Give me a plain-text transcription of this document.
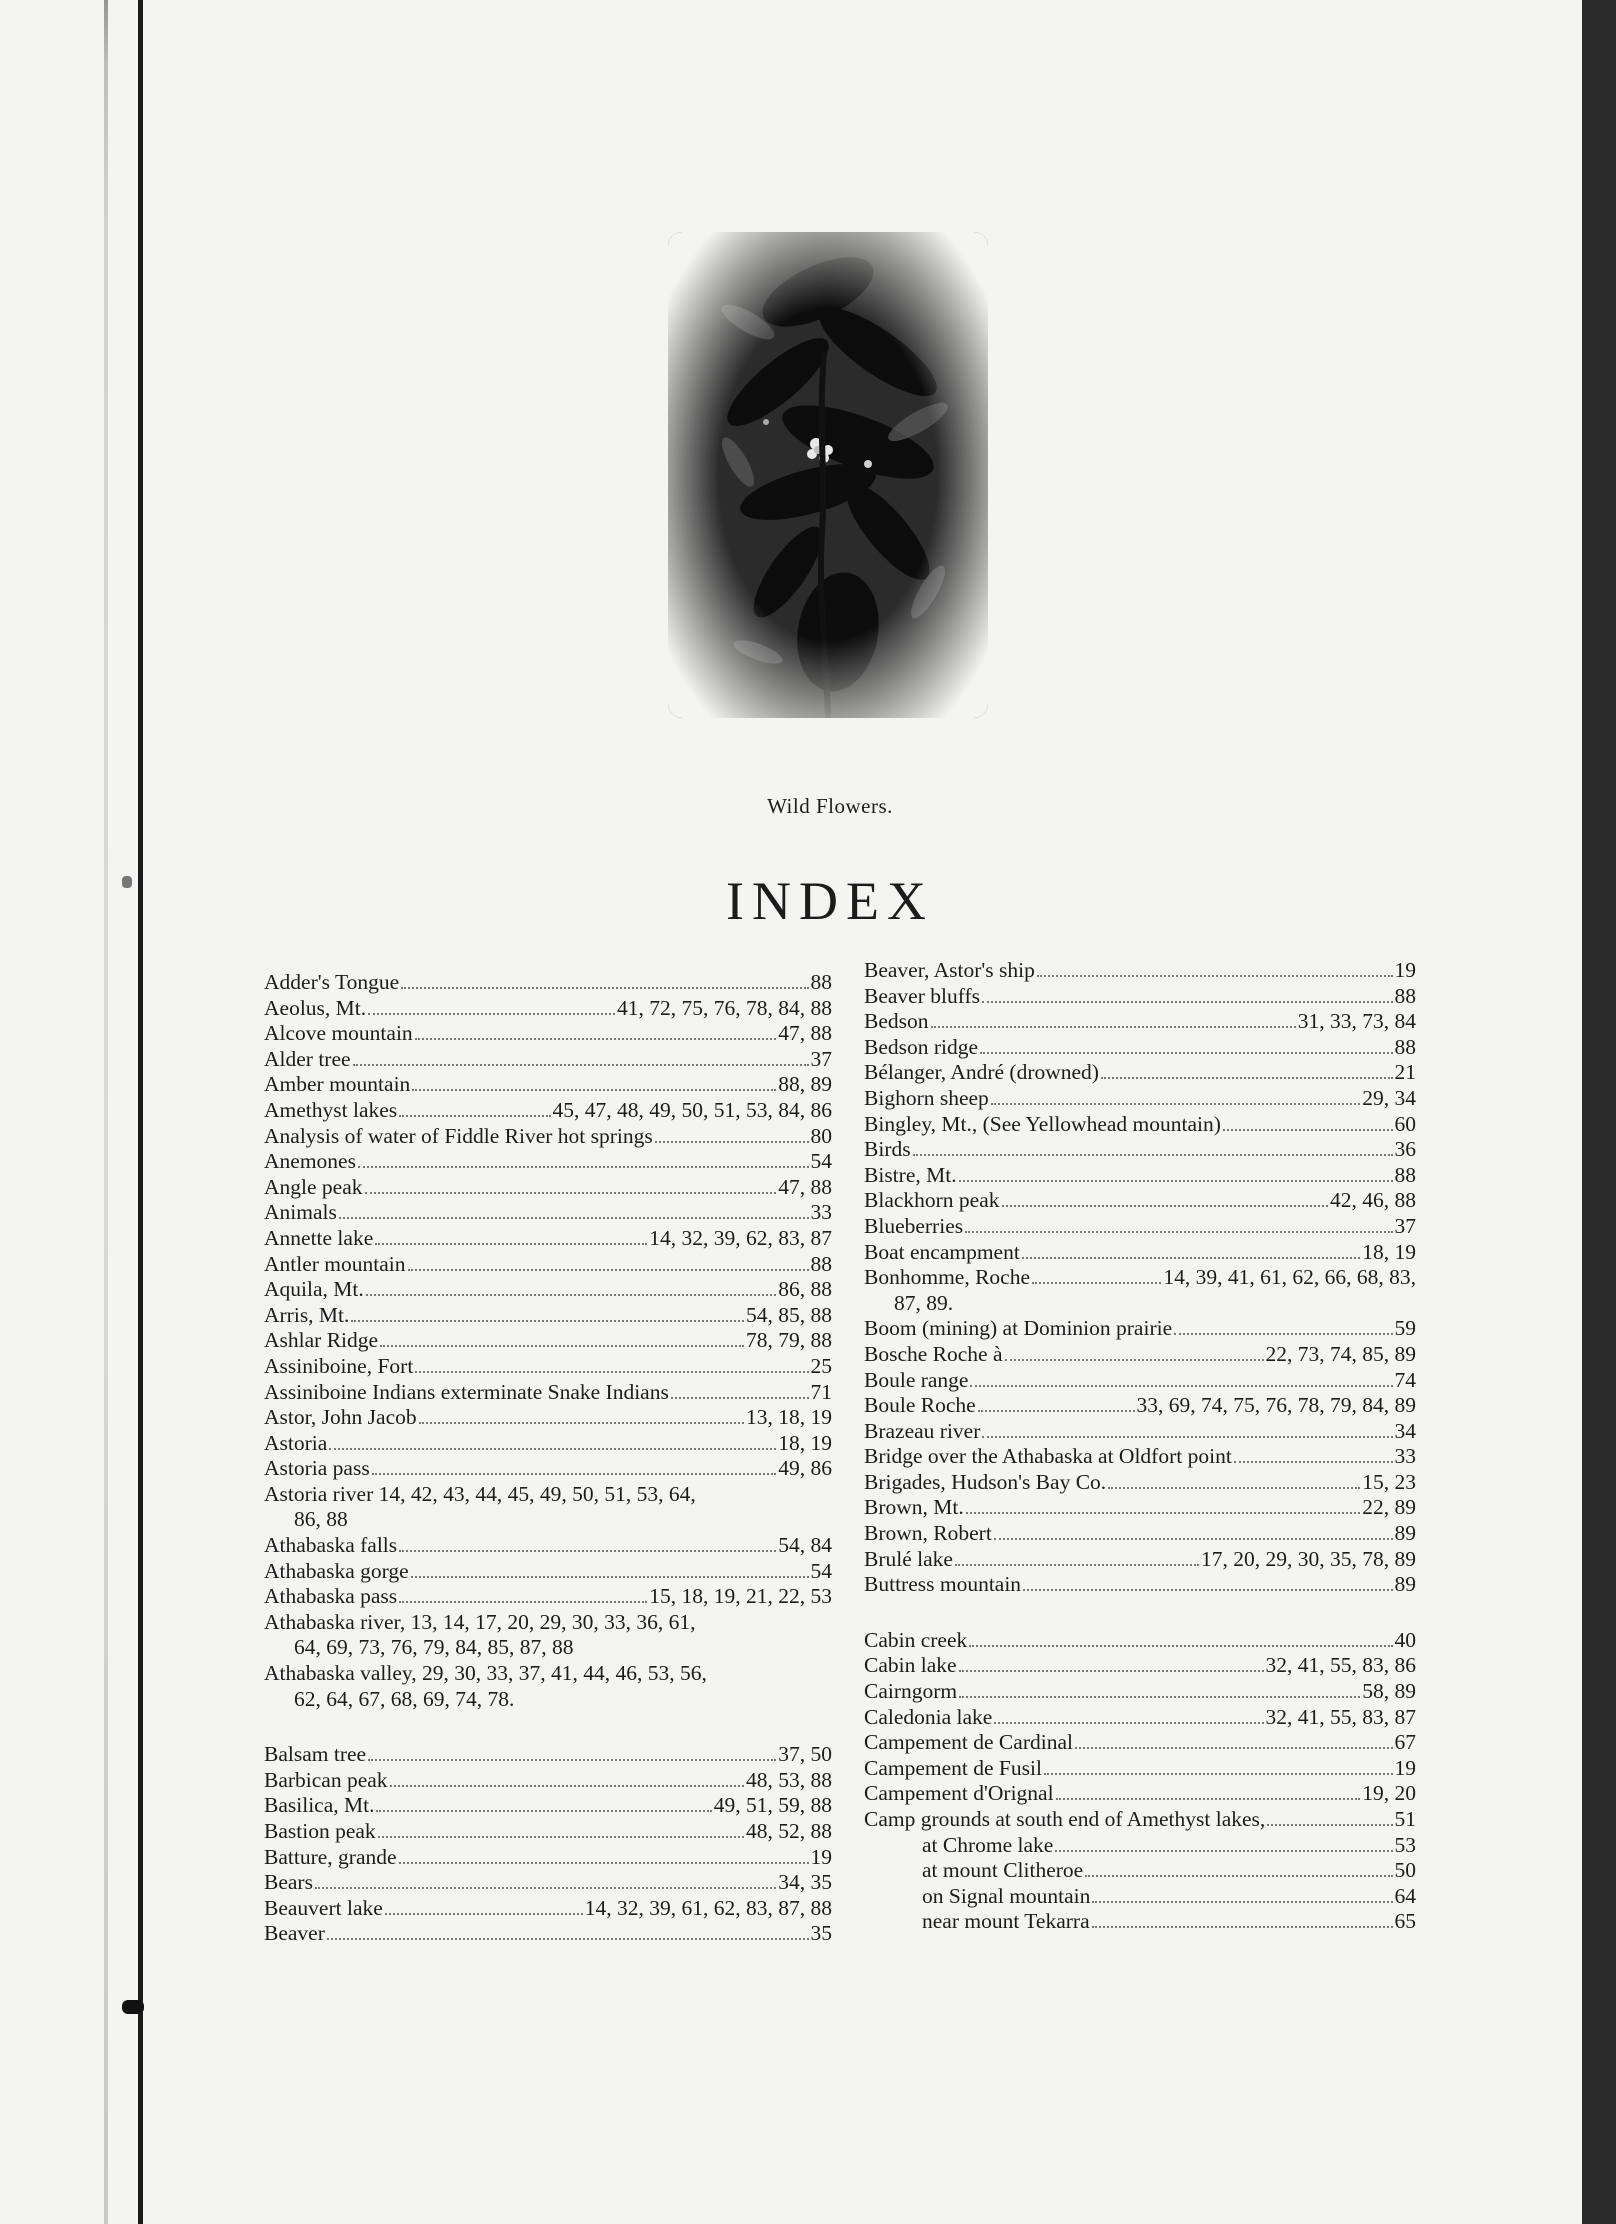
Wild Flowers.
INDEX
Adder's Tongue	88
Aeolus, Mt.	41, 72, 75, 76, 78, 84, 88
Alcove mountain	47, 88
Alder tree	37
Amber mountain	88, 89
Amethyst lakes	45, 47, 48, 49, 50, 51, 53, 84, 86
Analysis of water of Fiddle River hot springs	80
Anemones	54
Angle peak	47, 88
Animals	33
Annette lake	14, 32, 39, 62, 83, 87
Antler mountain	88
Aquila, Mt.	86, 88
Arris, Mt.	54, 85, 88
Ashlar Ridge	78, 79, 88
Assiniboine, Fort	25
Assiniboine Indians exterminate Snake Indians	71
Astor, John Jacob	13, 18, 19
Astoria	18, 19
Astoria pass	49, 86
Astoria river 14, 42, 43, 44, 45, 49, 50, 51, 53, 64,
86, 88
Athabaska falls	54, 84
Athabaska gorge	54
Athabaska pass	15, 18, 19, 21, 22, 53
Athabaska river, 13, 14, 17, 20, 29, 30, 33, 36, 61,
64, 69, 73, 76, 79, 84, 85, 87, 88
Athabaska valley, 29, 30, 33, 37, 41, 44, 46, 53, 56,
62, 64, 67, 68, 69, 74, 78.
Balsam tree	37, 50
Barbican peak	48, 53, 88
Basilica, Mt.	49, 51, 59, 88
Bastion peak	48, 52, 88
Batture, grande	19
Bears	34, 35
Beauvert lake	14, 32, 39, 61, 62, 83, 87, 88
Beaver	35
Beaver, Astor's ship	19
Beaver bluffs	88
Bedson	31, 33, 73, 84
Bedson ridge	88
Bélanger, André (drowned)	21
Bighorn sheep	29, 34
Bingley, Mt., (See Yellowhead mountain)	60
Birds	36
Bistre, Mt.	88
Blackhorn peak	42, 46, 88
Blueberries	37
Boat encampment	18, 19
Bonhomme, Roche	14, 39, 41, 61, 62, 66, 68, 83,
87, 89.
Boom (mining) at Dominion prairie	59
Bosche Roche à	22, 73, 74, 85, 89
Boule range	74
Boule Roche	33, 69, 74, 75, 76, 78, 79, 84, 89
Brazeau river	34
Bridge over the Athabaska at Oldfort point	33
Brigades, Hudson's Bay Co.	15, 23
Brown, Mt.	22, 89
Brown, Robert	89
Brulé lake	17, 20, 29, 30, 35, 78, 89
Buttress mountain	89
Cabin creek	40
Cabin lake	32, 41, 55, 83, 86
Cairngorm	58, 89
Caledonia lake	32, 41, 55, 83, 87
Campement de Cardinal	67
Campement de Fusil	19
Campement d'Orignal	19, 20
Camp grounds at south end of Amethyst lakes,	51
at Chrome lake	53
at mount Clitheroe	50
on Signal mountain	64
near mount Tekarra	65
